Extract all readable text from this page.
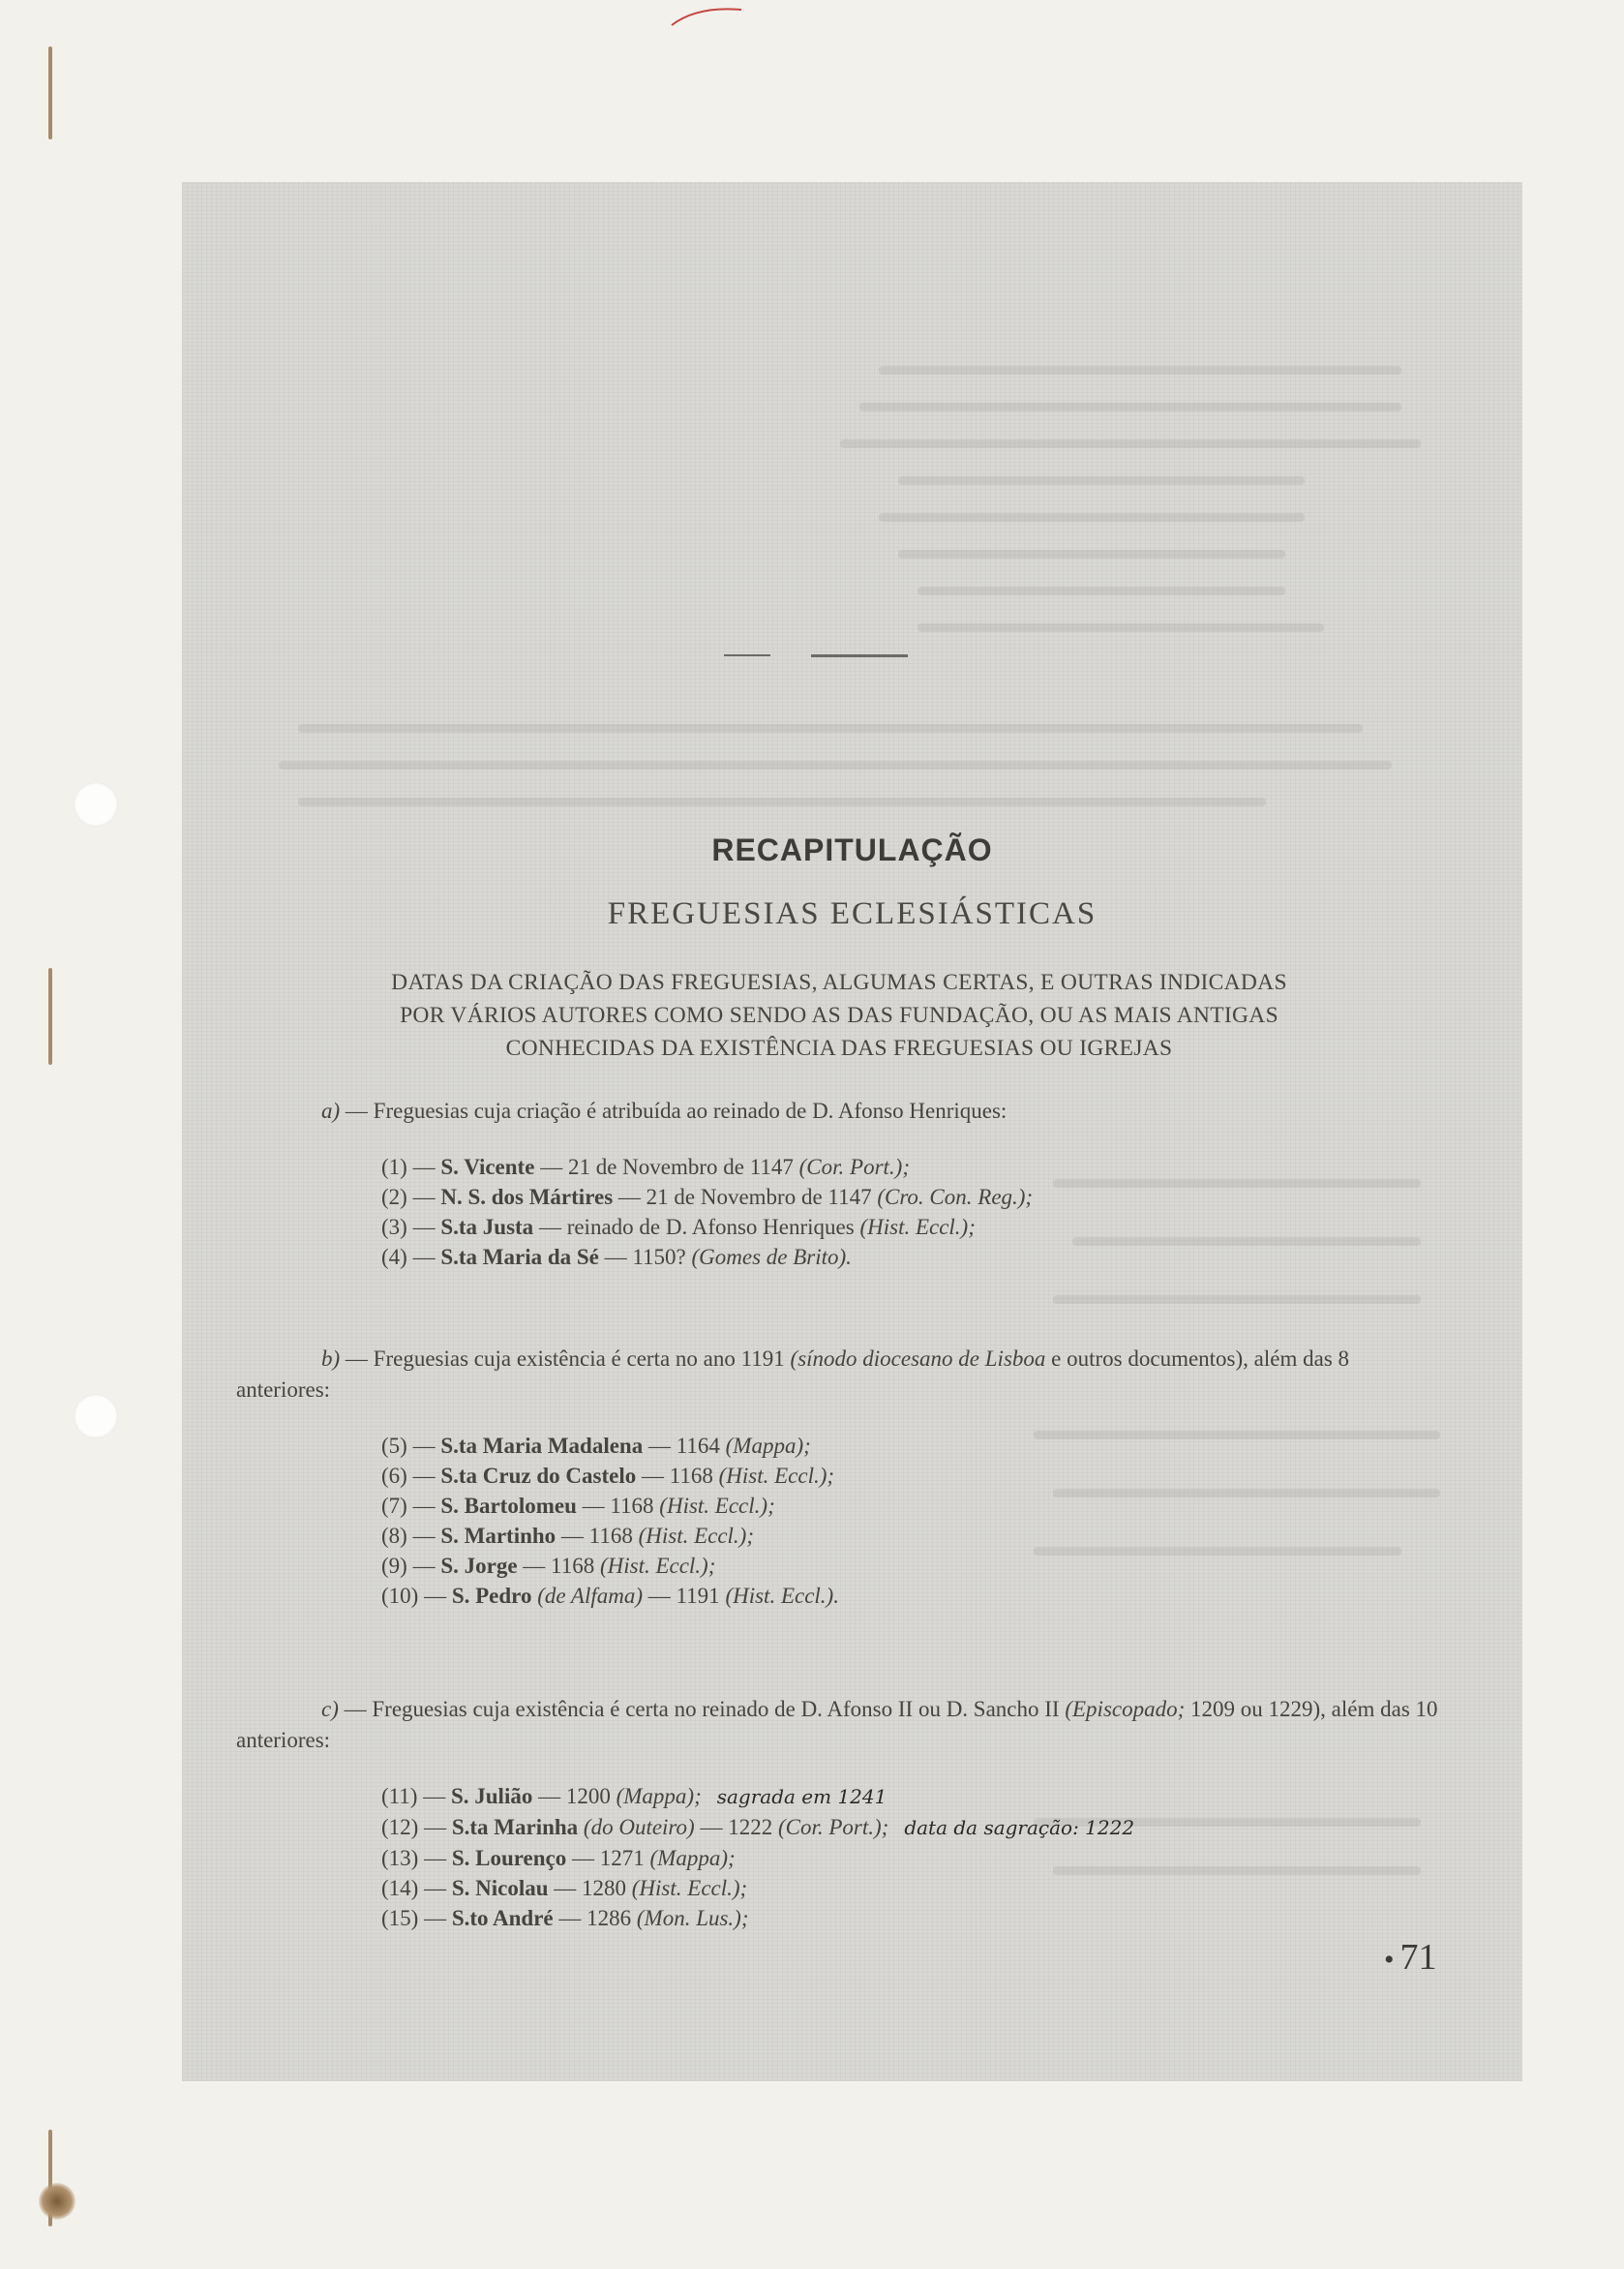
RECAPITULAÇÃO
FREGUESIAS ECLESIÁSTICAS
DATAS DA CRIAÇÃO DAS FREGUESIAS, ALGUMAS CERTAS, E OUTRAS INDICADAS
POR VÁRIOS AUTORES COMO SENDO AS DAS FUNDAÇÃO, OU AS MAIS ANTIGAS
CONHECIDAS DA EXISTÊNCIA DAS FREGUESIAS OU IGREJAS
a) — Freguesias cuja criação é atribuída ao reinado de D. Afonso Henriques:
(1) — S. Vicente — 21 de Novembro de 1147 (Cor. Port.);
(2) — N. S. dos Mártires — 21 de Novembro de 1147 (Cro. Con. Reg.);
(3) — S.ta Justa — reinado de D. Afonso Henriques (Hist. Eccl.);
(4) — S.ta Maria da Sé — 1150? (Gomes de Brito).
b) — Freguesias cuja existência é certa no ano 1191 (sínodo diocesano de Lisboa e outros documentos), além das 8 anteriores:
(5) — S.ta Maria Madalena — 1164 (Mappa);
(6) — S.ta Cruz do Castelo — 1168 (Hist. Eccl.);
(7) — S. Bartolomeu — 1168 (Hist. Eccl.);
(8) — S. Martinho — 1168 (Hist. Eccl.);
(9) — S. Jorge — 1168 (Hist. Eccl.);
(10) — S. Pedro (de Alfama) — 1191 (Hist. Eccl.).
c) — Freguesias cuja existência é certa no reinado de D. Afonso II ou D. Sancho II (Episcopado; 1209 ou 1229), além das 10 anteriores:
(11) — S. Julião — 1200 (Mappa); sagrada em 1241
(12) — S.ta Marinha (do Outeiro) — 1222 (Cor. Port.); data da sagração: 1222
(13) — S. Lourenço — 1271 (Mappa);
(14) — S. Nicolau — 1280 (Hist. Eccl.);
(15) — S.to André — 1286 (Mon. Lus.);
• 71
